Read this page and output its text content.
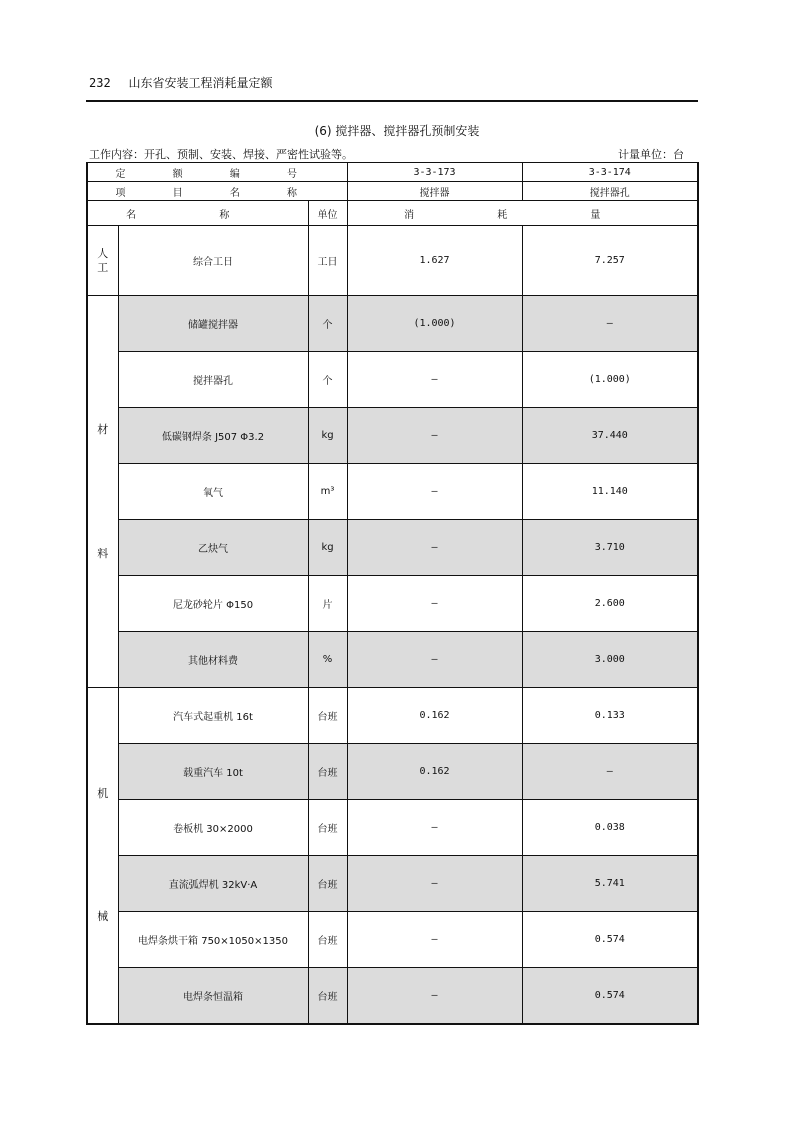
232 山东省安装工程消耗量定额
(6) 搅拌器、搅拌器孔预制安装
工作内容：开孔、预制、安装、焊接、严密性试验等。	计量单位：台
定 额 编 号			3-3-173	3-3-174
项 目 名 称			搅拌器	搅拌器孔
名 称		单位	消 耗 量	
人
工	综合工日	工日	1.627	7.257
材
料	储罐搅拌器	个	(1.000)	—
	搅拌器孔	个	—	(1.000)
	低碳钢焊条 J507 Φ3.2	kg	—	37.440
	氧气	m³	—	11.140
	乙炔气	kg	—	3.710
	尼龙砂轮片 Φ150	片	—	2.600
	其他材料费	%	—	3.000
机
械	汽车式起重机 16t	台班	0.162	0.133
	载重汽车 10t	台班	0.162	—
	卷板机 30×2000	台班	—	0.038
	直流弧焊机 32kV·A	台班	—	5.741
	电焊条烘干箱 750×1050×1350	台班	—	0.574
	电焊条恒温箱	台班	—	0.574
